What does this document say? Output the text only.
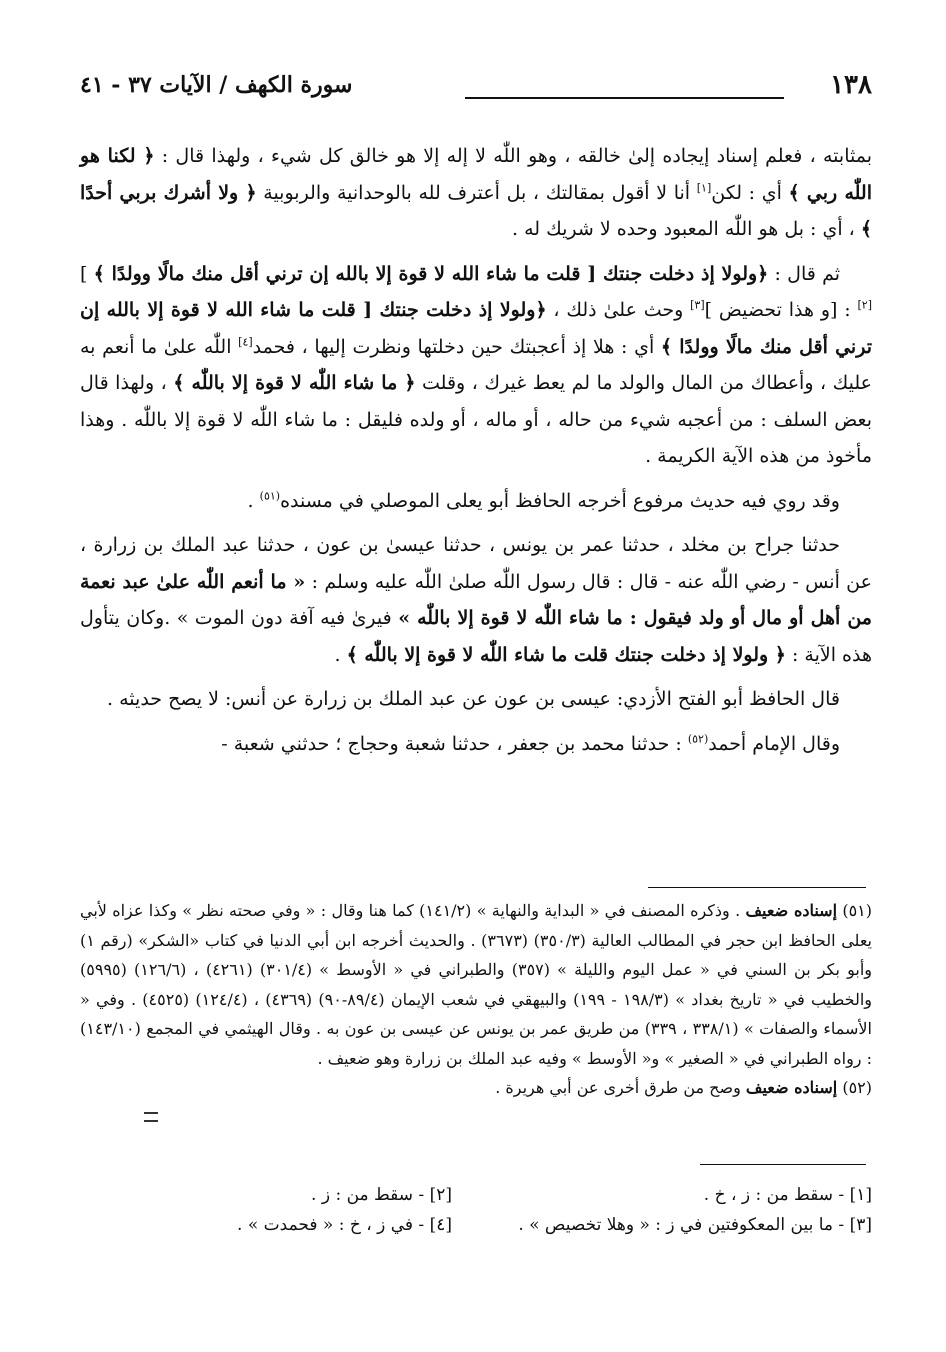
١٣٨
سورة الكهف / الآيات ٣٧ - ٤١

بمثابته ، فعلم إسناد إيجاده إلىٰ خالقه ، وهو اللّٰه لا إله إلا هو خالق كل شيء ، ولهذا قال : ﴿ لكنا هو اللّٰه ربي ﴾ أي : لكن[١] أنا لا أقول بمقالتك ، بل أعترف لله بالوحدانية والربوبية ﴿ ولا أشرك بربي أحدًا ﴾ ، أي : بل هو اللّٰه المعبود وحده لا شريك له .

ثم قال : ﴿ولولا إذ دخلت جنتك [ قلت ما شاء الله لا قوة إلا بالله إن ترني أقل منك مالًا وولدًا ﴾ ][٢] : [و هذا تحضيض ][٣] وحث علىٰ ذلك ، ﴿ولولا إذ دخلت جنتك [ قلت ما شاء الله لا قوة إلا بالله إن ترني أقل منك مالًا وولدًا ﴾ أي : هلا إذ أعجبتك حين دخلتها ونظرت إليها ، فحمد[٤] اللّٰه علىٰ ما أنعم به عليك ، وأعطاك من المال والولد ما لم يعط غيرك ، وقلت ﴿ ما شاء اللّٰه لا قوة إلا باللّٰه ﴾ ، ولهذا قال بعض السلف : من أعجبه شيء من حاله ، أو ماله ، أو ولده فليقل : ما شاء اللّٰه لا قوة إلا باللّٰه . وهذا مأخوذ من هذه الآية الكريمة .

وقد روي فيه حديث مرفوع أخرجه الحافظ أبو يعلى الموصلي في مسنده$^{(٥١)}$ .

حدثنا جراح بن مخلد ، حدثنا عمر بن يونس ، حدثنا عيسىٰ بن عون ، حدثنا عبد الملك بن زرارة ، عن أنس - رضي اللّٰه عنه - قال : قال رسول اللّٰه صلىٰ اللّٰه عليه وسلم : « ما أنعم اللّٰه علىٰ عبد نعمة من أهل أو مال أو ولد فيقول : ما شاء اللّٰه لا قوة إلا باللّٰه » فيرىٰ فيه آفة دون الموت » .وكان يتأول هذه الآية : ﴿ ولولا إذ دخلت جنتك قلت ما شاء اللّٰه لا قوة إلا باللّٰه ﴾ .

قال الحافظ أبو الفتح الأزدي: عيسى بن عون عن عبد الملك بن زرارة عن أنس: لا يصح حديثه .

وقال الإمام أحمد$^{(٥٢)}$ : حدثنا محمد بن جعفر ، حدثنا شعبة وحجاج ؛ حدثني شعبة -

(٥١) إسناده ضعيف . وذكره المصنف في « البداية والنهاية » (١٤١/٢) كما هنا وقال : « وفي صحته نظر » وكذا عزاه لأبي يعلى الحافظ ابن حجر في المطالب العالية (٣٥٠/٣) (٣٦٧٣) . والحديث أخرجه ابن أبي الدنيا في كتاب «الشكر» (رقم ١) وأبو بكر بن السني في « عمل اليوم والليلة » (٣٥٧) والطبراني في « الأوسط » (٣٠١/٤) (٤٢٦١) ، (١٢٦/٦) (٥٩٩٥) والخطيب في « تاريخ بغداد » (١٩٨/٣ - ١٩٩) والبيهقي في شعب الإيمان (٨٩/٤-٩٠) (٤٣٦٩) ، (١٢٤/٤) (٤٥٢٥) . وفي « الأسماء والصفات » (٣٣٨/١ ، ٣٣٩) من طريق عمر بن يونس عن عيسى بن عون به . وقال الهيثمي في المجمع (١٤٣/١٠) : رواه الطبراني في « الصغير » و« الأوسط » وفيه عبد الملك بن زرارة وهو ضعيف .

(٥٢) إسناده ضعيف وصح من طرق أخرى عن أبي هريرة .

[١] - سقط من : ز ، خ .
[٢] - سقط من : ز .
[٣] - ما بين المعكوفتين في ز : « وهلا تخصيص » .
[٤] - في ز ، خ : « فحمدت » .
